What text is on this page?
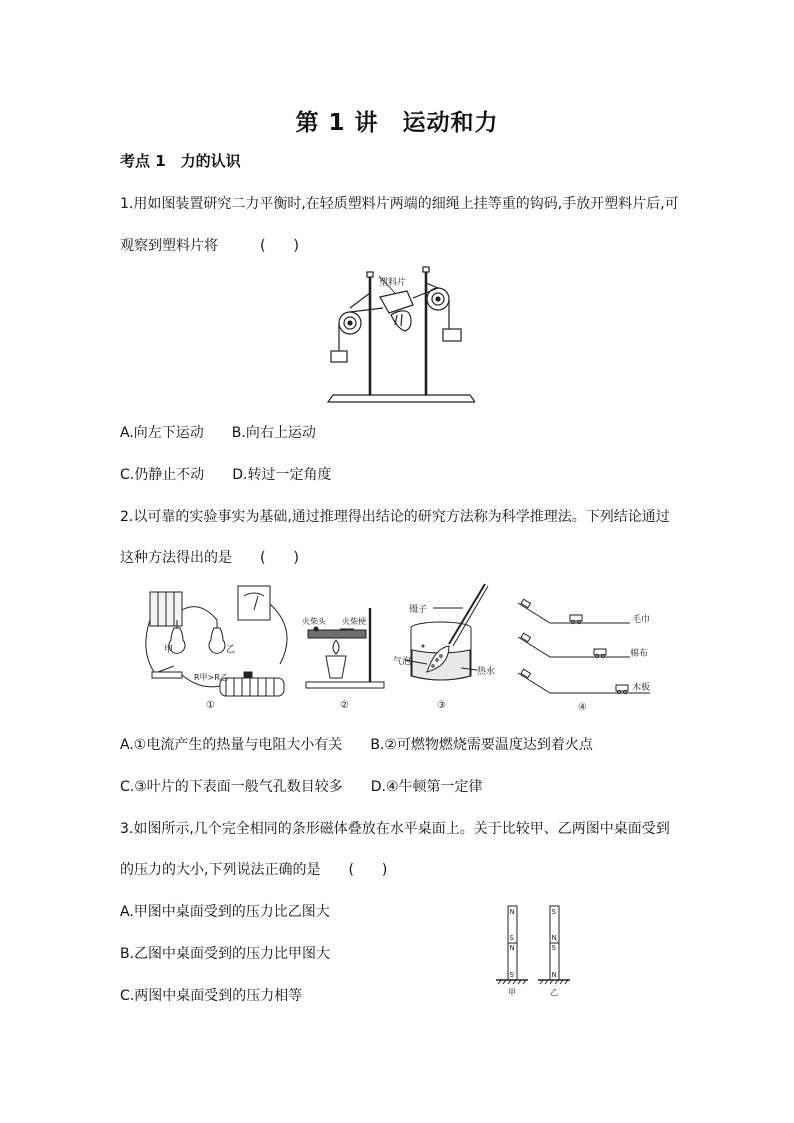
第 1 讲　运动和力
考点 1　力的认识
1.用如图装置研究二力平衡时,在轻质塑料片两端的细绳上挂等重的钩码,手放开塑料片后,可
观察到塑料片将　　　(　　)
塑料片
A.向左下运动　　B.向右上运动
C.仍静止不动　　D.转过一定角度
2.以可靠的实验事实为基础,通过推理得出结论的研究方法称为科学推理法。下列结论通过
这种方法得出的是　　(　　)
甲	乙
R甲>R乙
①
火柴头 火柴梗
②
镊子
气泡
热水
③
毛巾
棉布
木板
④
A.①电流产生的热量与电阻大小有关　　B.②可燃物燃烧需要温度达到着火点
C.③叶片的下表面一般气孔数目较多　　D.④牛顿第一定律
3.如图所示,几个完全相同的条形磁体叠放在水平桌面上。关于比较甲、乙两图中桌面受到
的压力的大小,下列说法正确的是　　(　　)
A.甲图中桌面受到的压力比乙图大
B.乙图中桌面受到的压力比甲图大
C.两图中桌面受到的压力相等
N
S
N
S
S
N
S
N
甲	乙
